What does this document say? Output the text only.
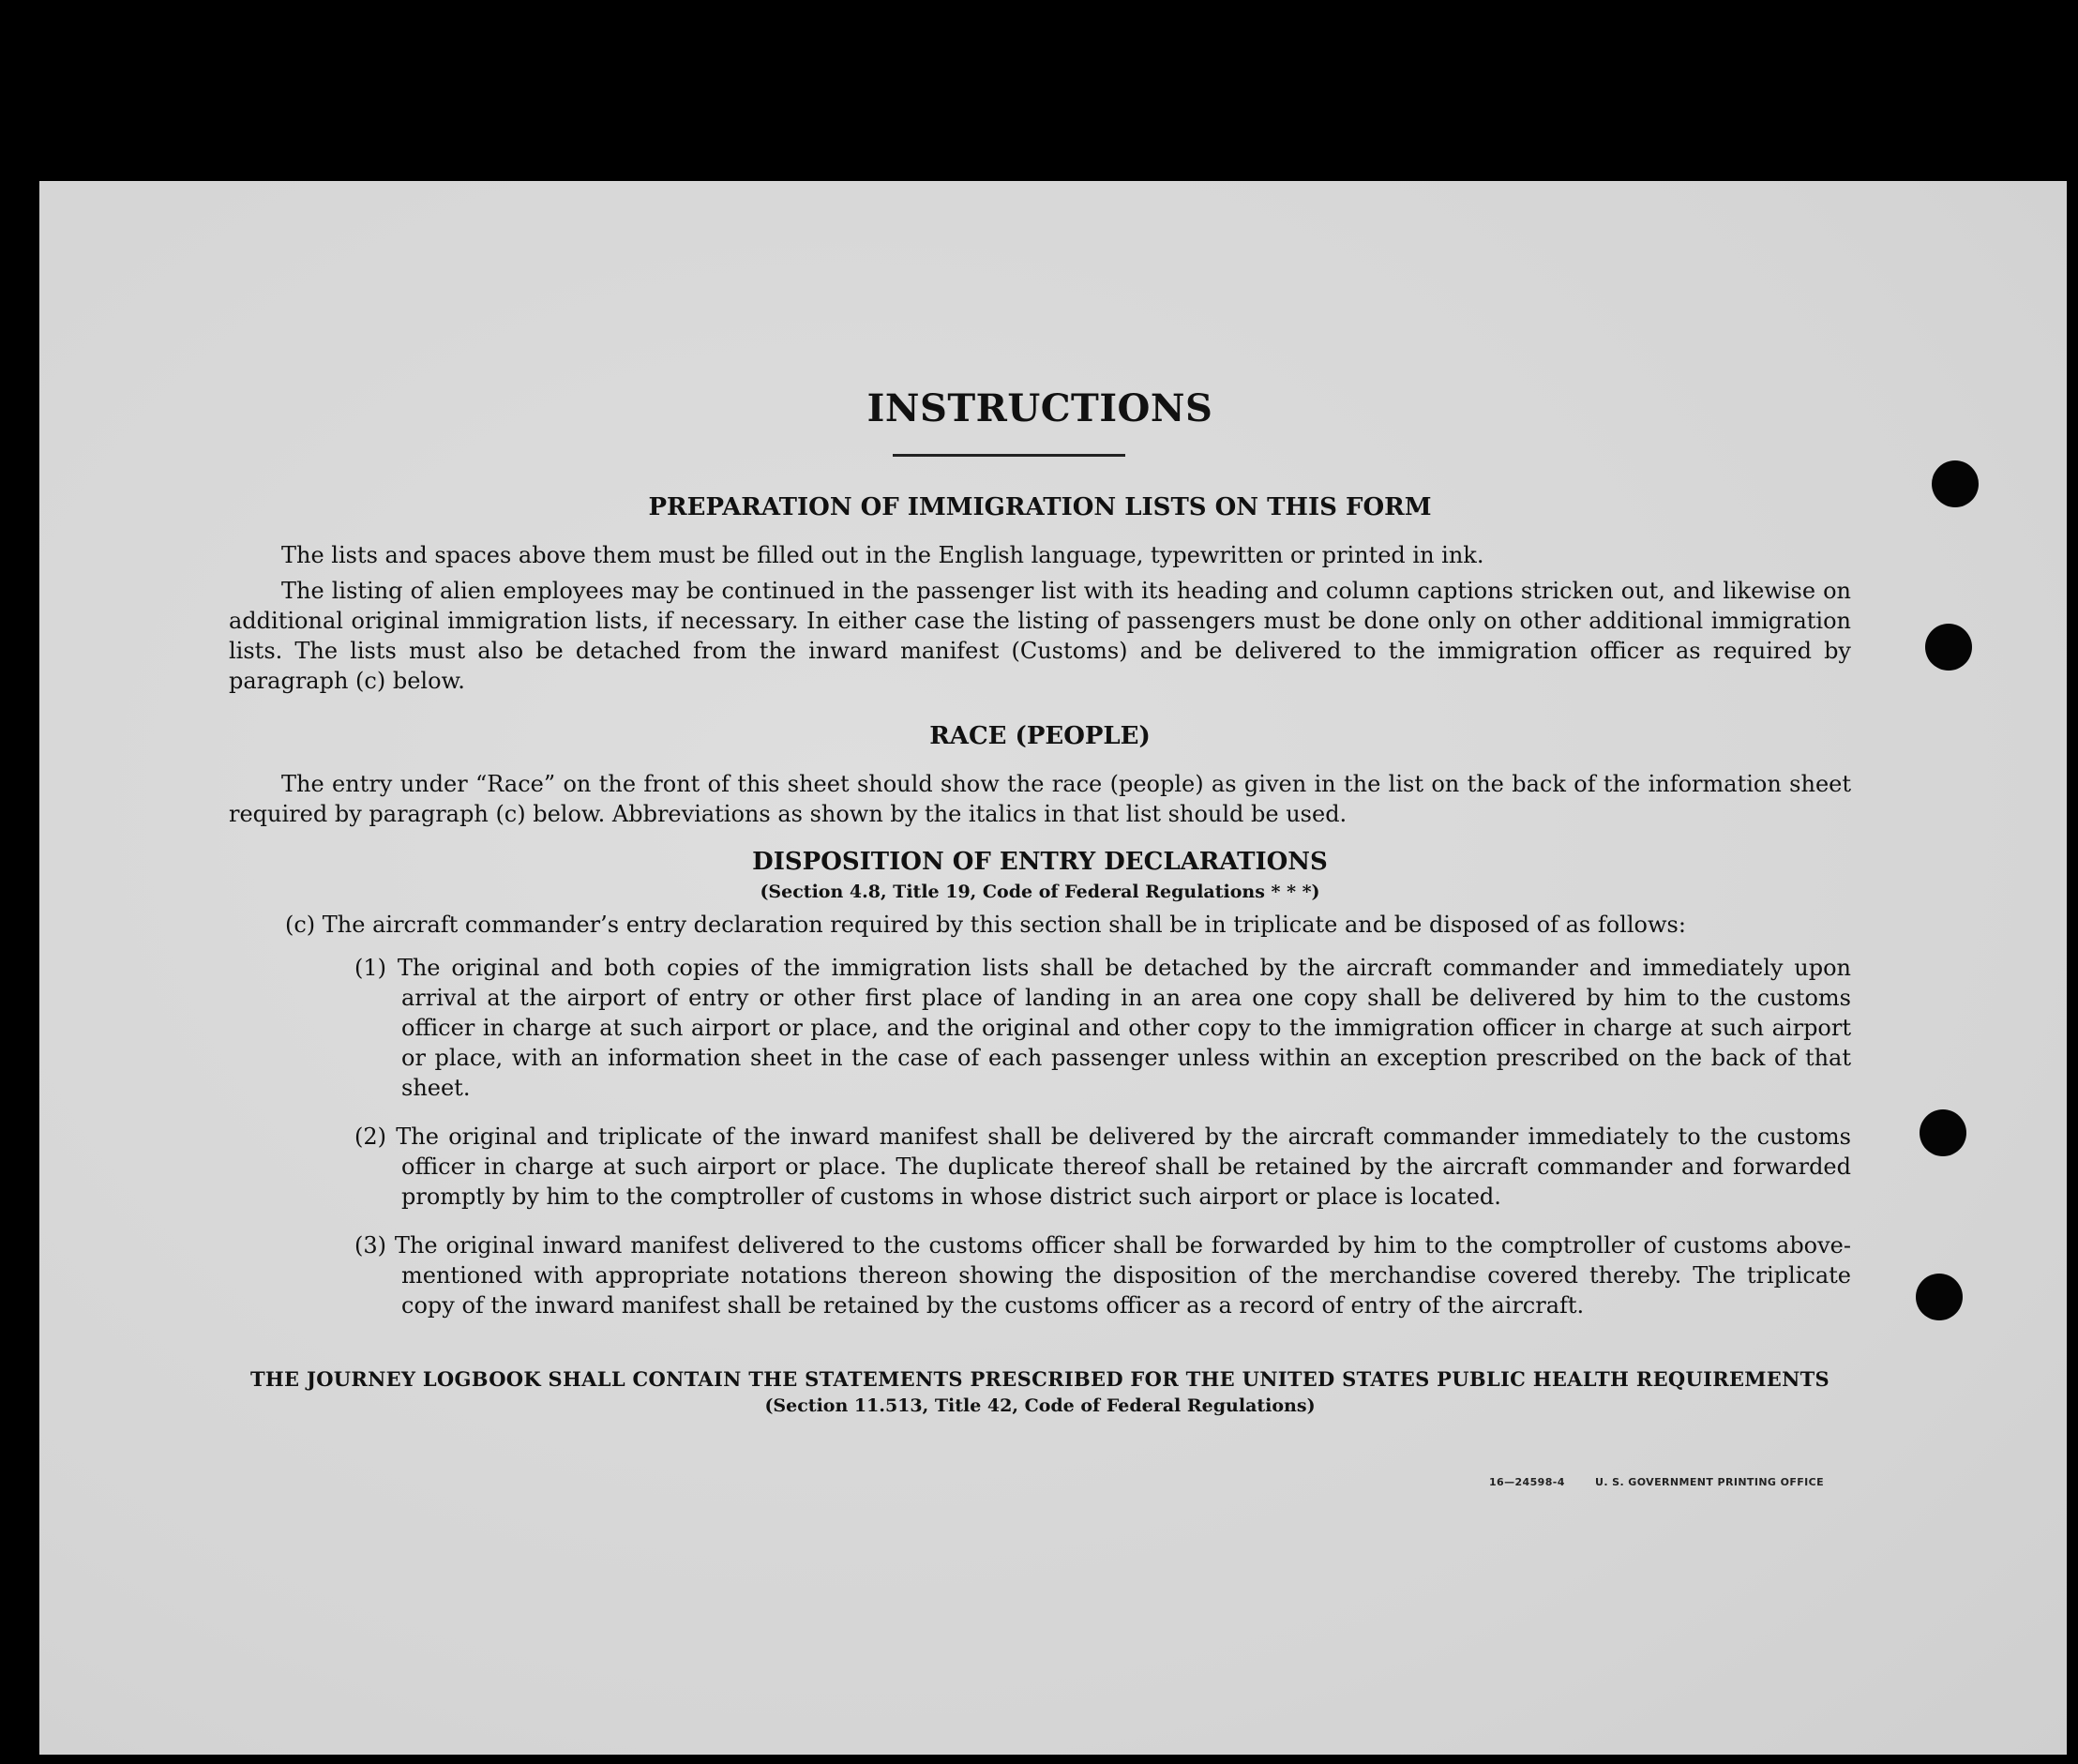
INSTRUCTIONS
PREPARATION OF IMMIGRATION LISTS ON THIS FORM

The lists and spaces above them must be filled out in the English language, typewritten or printed in ink.

The listing of alien employees may be continued in the passenger list with its heading and column captions stricken out, and likewise on additional original immigration lists, if necessary. In either case the listing of passengers must be done only on other additional immigration lists. The lists must also be detached from the inward manifest (Customs) and be delivered to the immigration officer as required by paragraph (c) below.

RACE (PEOPLE)

The entry under “Race” on the front of this sheet should show the race (people) as given in the list on the back of the information sheet required by paragraph (c) below. Abbreviations as shown by the italics in that list should be used.

DISPOSITION OF ENTRY DECLARATIONS
(Section 4.8, Title 19, Code of Federal Regulations * * *)

(c) The aircraft commander’s entry declaration required by this section shall be in triplicate and be disposed of as follows:

(1) The original and both copies of the immigration lists shall be detached by the aircraft commander and immediately upon arrival at the airport of entry or other first place of landing in an area one copy shall be delivered by him to the customs officer in charge at such airport or place, and the original and other copy to the immigration officer in charge at such airport or place, with an information sheet in the case of each passenger unless within an exception prescribed on the back of that sheet.

(2) The original and triplicate of the inward manifest shall be delivered by the aircraft commander immediately to the customs officer in charge at such airport or place. The duplicate thereof shall be retained by the aircraft commander and forwarded promptly by him to the comptroller of customs in whose district such airport or place is located.

(3) The original inward manifest delivered to the customs officer shall be forwarded by him to the comptroller of customs above-mentioned with appropriate notations thereon showing the disposition of the merchandise covered thereby. The triplicate copy of the inward manifest shall be retained by the customs officer as a record of entry of the aircraft.

THE JOURNEY LOGBOOK SHALL CONTAIN THE STATEMENTS PRESCRIBED FOR THE UNITED STATES PUBLIC HEALTH REQUIREMENTS
(Section 11.513, Title 42, Code of Federal Regulations)
16—24598-4	U. S. GOVERNMENT PRINTING OFFICE
